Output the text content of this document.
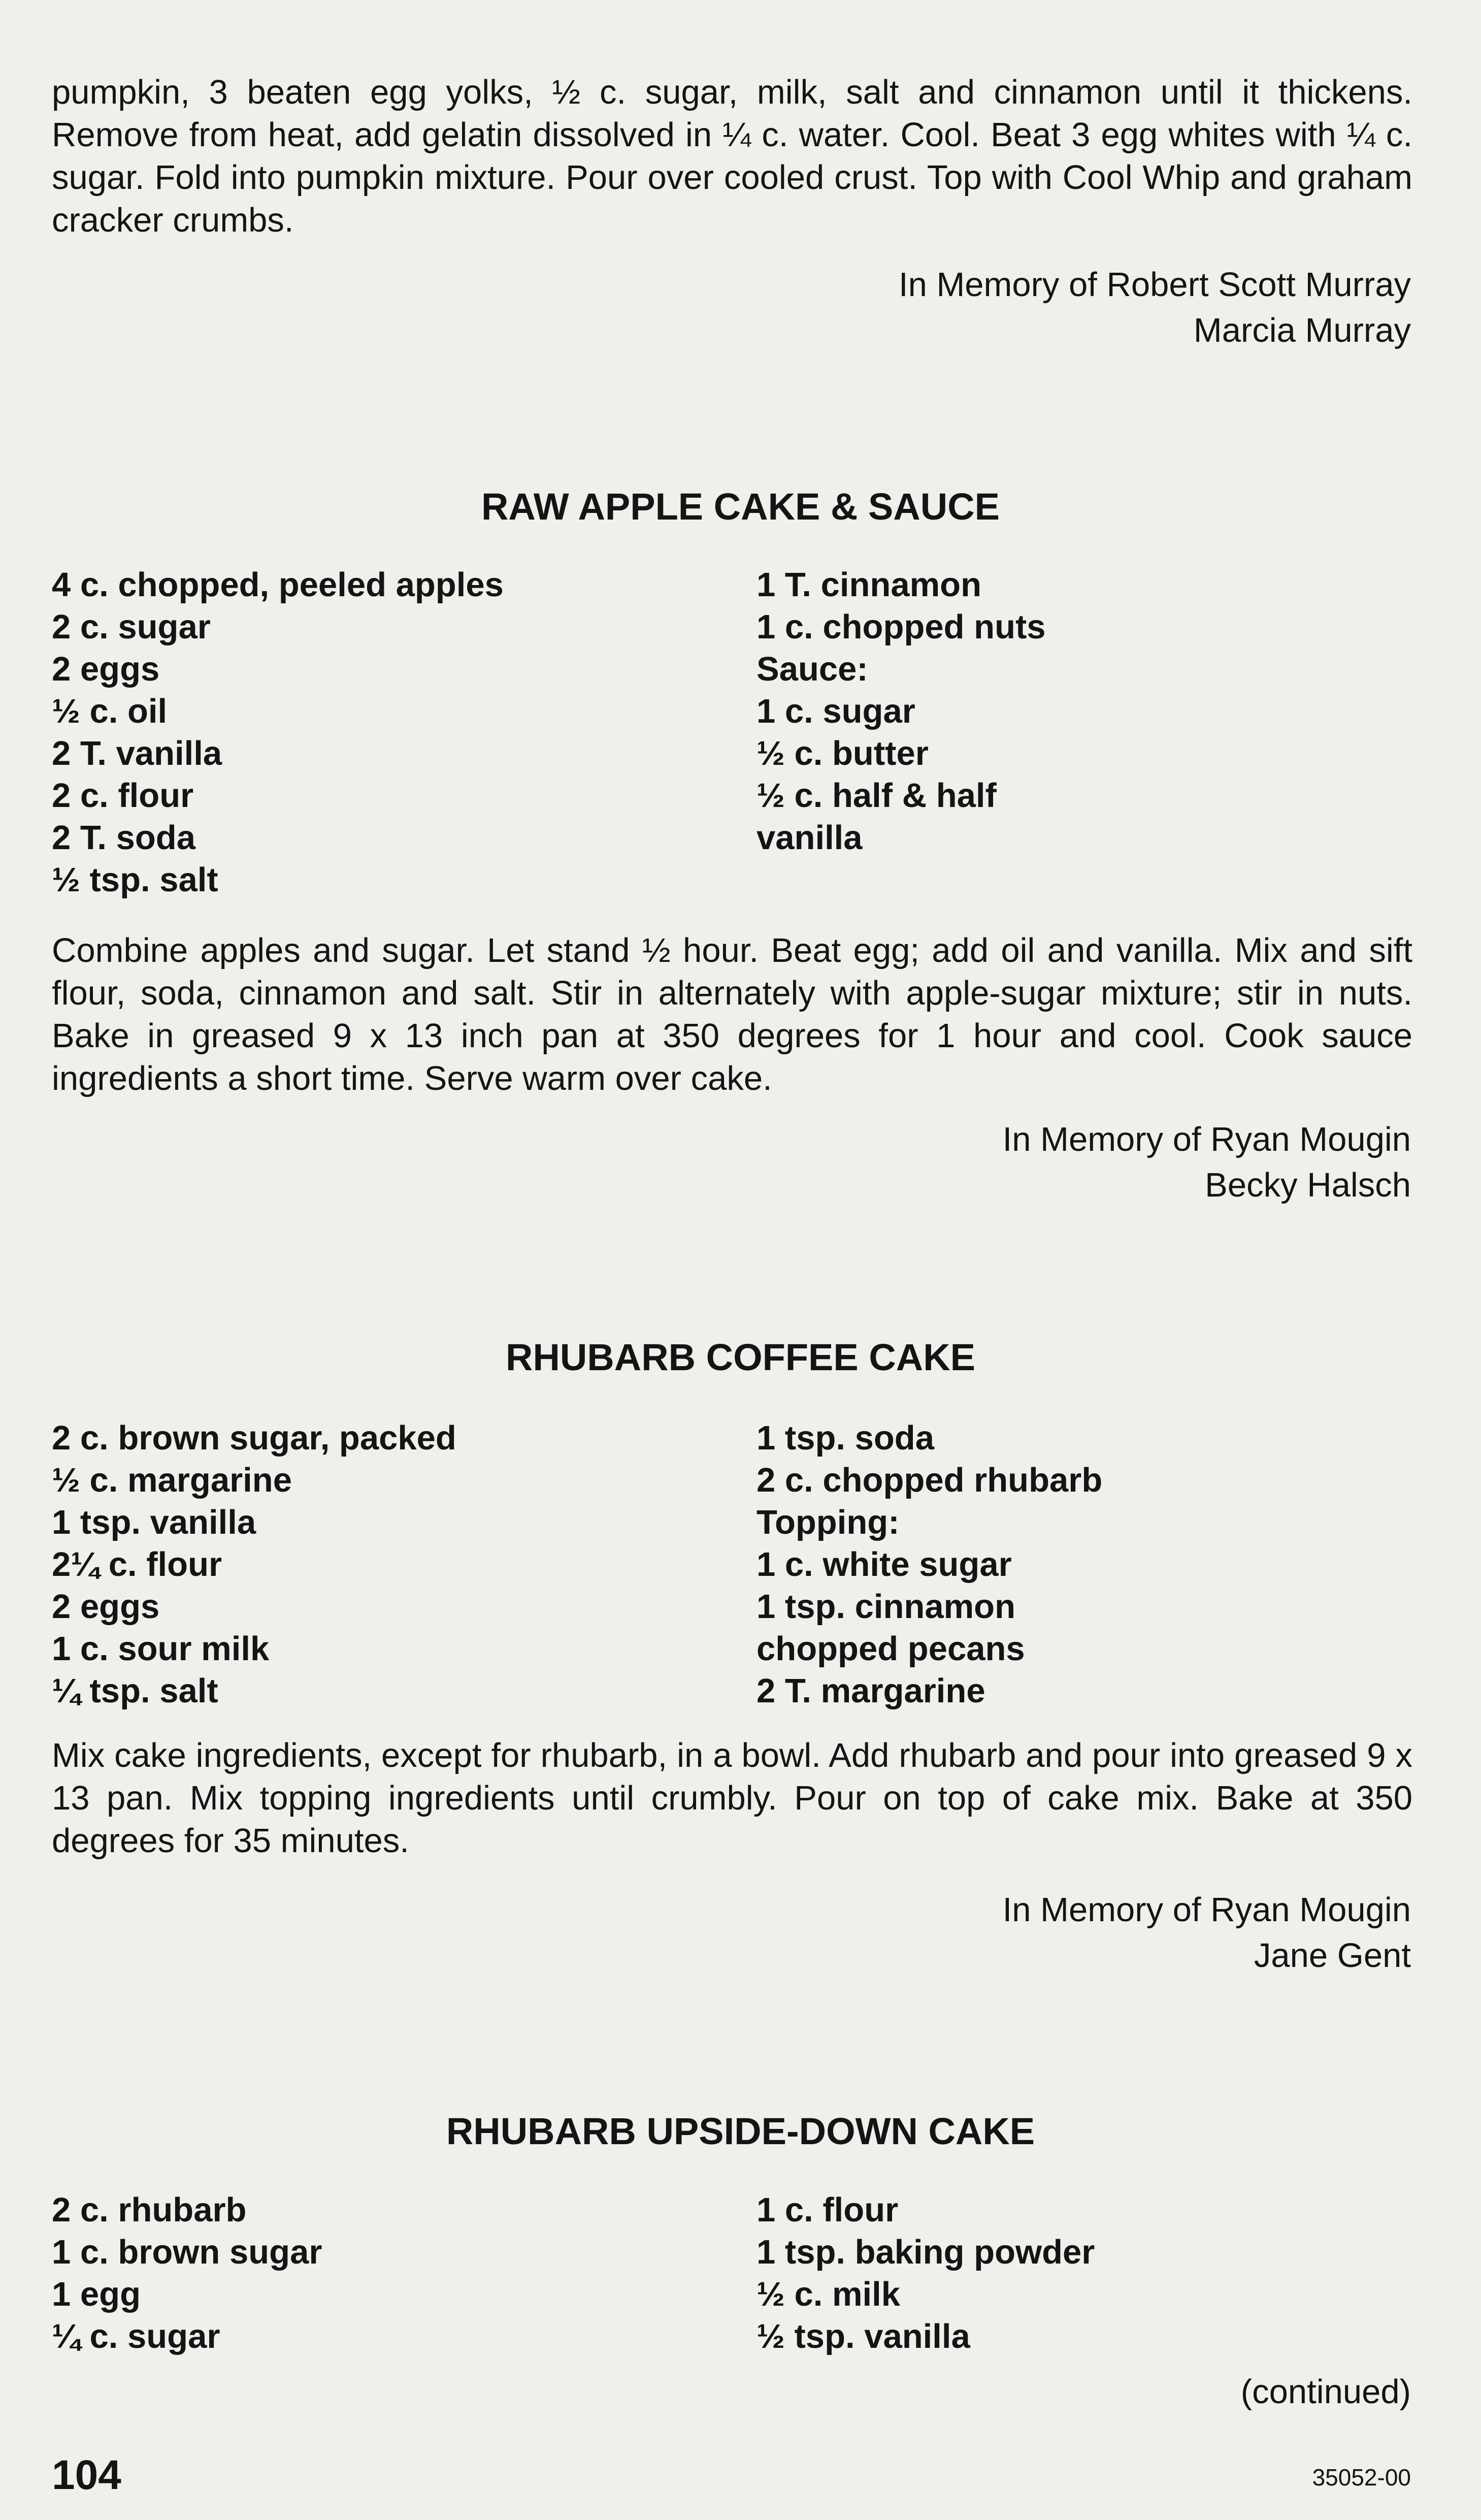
pumpkin, 3 beaten egg yolks, ½ c. sugar, milk, salt and cinnamon until it thickens. Remove from heat, add gelatin dissolved in ¼ c. water. Cool. Beat 3 egg whites with ¼ c. sugar. Fold into pumpkin mixture. Pour over cooled crust. Top with Cool Whip and graham cracker crumbs.

In Memory of Robert Scott Murray

Marcia Murray

RAW APPLE CAKE & SAUCE
4 c. chopped, peeled apples
2 c. sugar
2 eggs
½ c. oil
2 T. vanilla
2 c. flour
2 T. soda
½ tsp. salt
1 T. cinnamon
1 c. chopped nuts
Sauce:
1 c. sugar
½ c. butter
½ c. half & half
vanilla

Combine apples and sugar. Let stand ½ hour. Beat egg; add oil and vanilla. Mix and sift flour, soda, cinnamon and salt. Stir in alternately with apple-sugar mixture; stir in nuts. Bake in greased 9 x 13 inch pan at 350 degrees for 1 hour and cool. Cook sauce ingredients a short time. Serve warm over cake.

In Memory of Ryan Mougin

Becky Halsch

RHUBARB COFFEE CAKE
2 c. brown sugar, packed
½ c. margarine
1 tsp. vanilla
2¼ c. flour
2 eggs
1 c. sour milk
¼ tsp. salt
1 tsp. soda
2 c. chopped rhubarb
Topping:
1 c. white sugar
1 tsp. cinnamon
chopped pecans
2 T. margarine

Mix cake ingredients, except for rhubarb, in a bowl. Add rhubarb and pour into greased 9 x 13 pan. Mix topping ingredients until crumbly. Pour on top of cake mix. Bake at 350 degrees for 35 minutes.

In Memory of Ryan Mougin

Jane Gent

RHUBARB UPSIDE-DOWN CAKE
2 c. rhubarb
1 c. brown sugar
1 egg
¼ c. sugar
1 c. flour
1 tsp. baking powder
½ c. milk
½ tsp. vanilla

(continued)

104	35052-00
